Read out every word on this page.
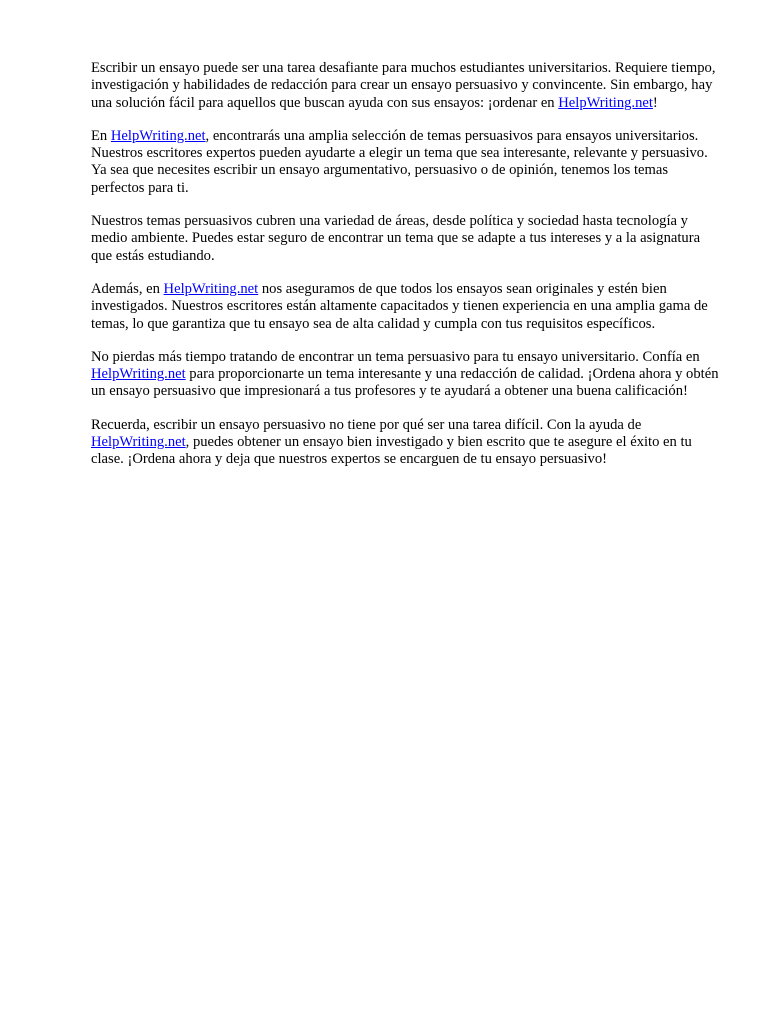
Escribir un ensayo puede ser una tarea desafiante para muchos estudiantes universitarios. Requiere tiempo, investigación y habilidades de redacción para crear un ensayo persuasivo y convincente. Sin embargo, hay una solución fácil para aquellos que buscan ayuda con sus ensayos: ¡ordenar en HelpWriting.net!

En HelpWriting.net, encontrarás una amplia selección de temas persuasivos para ensayos universitarios. Nuestros escritores expertos pueden ayudarte a elegir un tema que sea interesante, relevante y persuasivo. Ya sea que necesites escribir un ensayo argumentativo, persuasivo o de opinión, tenemos los temas perfectos para ti.

Nuestros temas persuasivos cubren una variedad de áreas, desde política y sociedad hasta tecnología y medio ambiente. Puedes estar seguro de encontrar un tema que se adapte a tus intereses y a la asignatura que estás estudiando.

Además, en HelpWriting.net nos aseguramos de que todos los ensayos sean originales y estén bien investigados. Nuestros escritores están altamente capacitados y tienen experiencia en una amplia gama de temas, lo que garantiza que tu ensayo sea de alta calidad y cumpla con tus requisitos específicos.

No pierdas más tiempo tratando de encontrar un tema persuasivo para tu ensayo universitario. Confía en HelpWriting.net para proporcionarte un tema interesante y una redacción de calidad. ¡Ordena ahora y obtén un ensayo persuasivo que impresionará a tus profesores y te ayudará a obtener una buena calificación!

Recuerda, escribir un ensayo persuasivo no tiene por qué ser una tarea difícil. Con la ayuda de HelpWriting.net, puedes obtener un ensayo bien investigado y bien escrito que te asegure el éxito en tu clase. ¡Ordena ahora y deja que nuestros expertos se encarguen de tu ensayo persuasivo!
